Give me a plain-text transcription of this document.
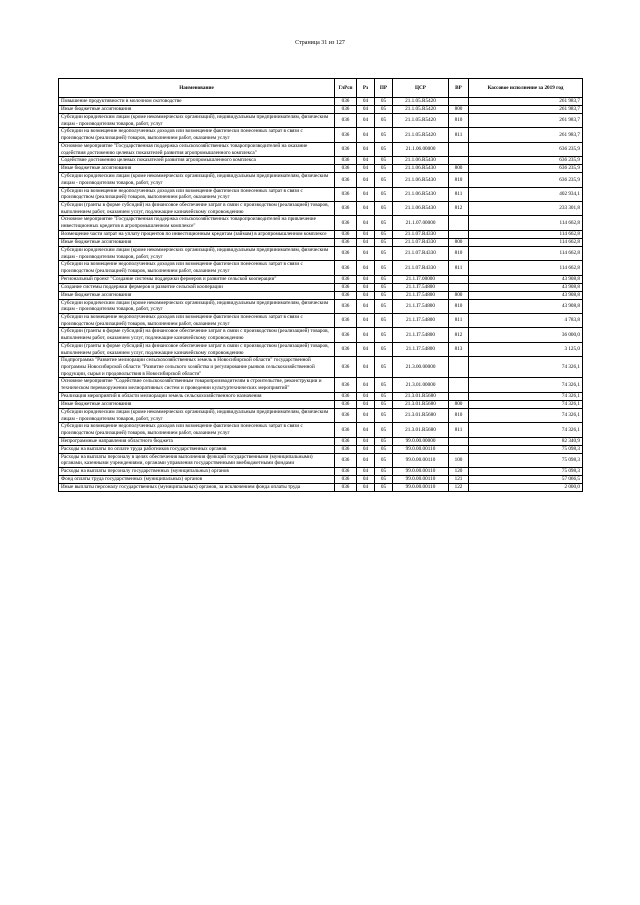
Страница 31 из 127
Наименование	ГлРсп	Рз	ПР	ЦСР	ВР	Кассовое исполнение за 2019 год
Повышение продуктивности в молочном скотоводстве	036	04	05	21.1.05.R5420		261 983,7
Иные бюджетные ассигнования	036	04	05	21.1.05.R5420	800	261 983,7
Субсидии юридическим лицам (кроме некоммерческих организаций), индивидуальным предпринимателям, физическим лицам - производителям товаров, работ, услуг	036	04	05	21.1.05.R5420	810	261 983,7
Субсидии на возмещение недополученных доходов или возмещение фактически понесенных затрат в связи с производством (реализацией) товаров, выполнением работ, оказанием услуг	036	04	05	21.1.05.R5420	811	261 983,7
Основное мероприятие "Государственная поддержка сельскохозяйственных товаропроизводителей на оказание содействия достижению целевых показателей развития агропромышленного комплекса"	036	04	05	21.1.06.00000		636 235,9
Содействие достижению целевых показателей развития агропромышленного комплекса	036	04	05	21.1.06.R5430		636 235,9
Иные бюджетные ассигнования	036	04	05	21.1.06.R5430	800	636 235,9
Субсидии юридическим лицам (кроме некоммерческих организаций), индивидуальным предпринимателям, физическим лицам - производителям товаров, работ, услуг	036	04	05	21.1.06.R5430	810	636 235,9
Субсидии на возмещение недополученных доходов или возмещение фактически понесенных затрат в связи с производством (реализацией) товаров, выполнением работ, оказанием услуг	036	04	05	21.1.06.R5430	811	402 934,1
Субсидии (гранты в форме субсидий) на финансовое обеспечение затрат в связи с производством (реализацией) товаров, выполнением работ, оказанием услуг, подлежащие казначейскому сопровождению	036	04	05	21.1.06.R5430	812	233 301,8
Основное мероприятие "Государственная поддержка сельскохозяйственных товаропроизводителей на привлечение инвестиционных кредитов в агропромышленном комплексе"	036	04	05	21.1.07.00000		114 662,8
Возмещение части затрат на уплату процентов по инвестиционным кредитам (займам) в агропромышленном комплексе	036	04	05	21.1.07.R4330		114 662,8
Иные бюджетные ассигнования	036	04	05	21.1.07.R4330	800	114 662,8
Субсидии юридическим лицам (кроме некоммерческих организаций), индивидуальным предпринимателям, физическим лицам - производителям товаров, работ, услуг	036	04	05	21.1.07.R4330	810	114 662,8
Субсидии на возмещение недополученных доходов или возмещение фактически понесенных затрат в связи с производством (реализацией) товаров, выполнением работ, оказанием услуг	036	04	05	21.1.07.R4330	811	114 662,8
Региональный проект "Создание системы поддержки фермеров и развитие сельской кооперации"	036	04	05	21.1.I7.00000		43 908,8
Создание системы поддержки фермеров и развитие сельской кооперации	036	04	05	21.1.I7.54800		43 908,8
Иные бюджетные ассигнования	036	04	05	21.1.I7.54800	800	43 908,8
Субсидии юридическим лицам (кроме некоммерческих организаций), индивидуальным предпринимателям, физическим лицам - производителям товаров, работ, услуг	036	04	05	21.1.I7.54800	810	43 908,8
Субсидии на возмещение недополученных доходов или возмещение фактически понесенных затрат в связи с производством (реализацией) товаров, выполнением работ, оказанием услуг	036	04	05	21.1.I7.54800	811	4 783,8
Субсидии (гранты в форме субсидий) на финансовое обеспечение затрат в связи с производством (реализацией) товаров, выполнением работ, оказанием услуг, подлежащие казначейскому сопровождению	036	04	05	21.1.I7.54800	812	36 000,0
Субсидии (гранты в форме субсидий) на финансовое обеспечение затрат в связи с производством (реализацией) товаров, выполнением работ, оказанием услуг, подлежащие казначейскому сопровождению	036	04	05	21.1.I7.54800	813	3 125,0
Подпрограмма "Развитие мелиорации сельскохозяйственных земель в Новосибирской области" государственной программы Новосибирской области "Развитие сельского хозяйства и регулирование рынков сельскохозяйственной продукции, сырья и продовольствия в Новосибирской области"	036	04	05	21.3.00.00000		74 326,1
Основное мероприятие "Содействие сельскохозяйственным товаропроизводителям в строительстве, реконструкции и техническом перевооружении мелиоративных систем и проведении культуртехнических мероприятий"	036	04	05	21.3.01.00000		74 326,1
Реализация мероприятий в области мелиорации земель сельскохозяйственного назначения	036	04	05	21.3.01.R5680		74 326,1
Иные бюджетные ассигнования	036	04	05	21.3.01.R5680	800	74 326,1
Субсидии юридическим лицам (кроме некоммерческих организаций), индивидуальным предпринимателям, физическим лицам - производителям товаров, работ, услуг	036	04	05	21.3.01.R5680	810	74 326,1
Субсидии на возмещение недополученных доходов или возмещение фактически понесенных затрат в связи с производством (реализацией) товаров, выполнением работ, оказанием услуг	036	04	05	21.3.01.R5680	811	74 326,1
Непрограммные направления областного бюджета	036	04	05	99.0.00.00000		82 340,9
Расходы на выплаты по оплате труда работников государственных органов	036	04	05	99.0.00.00110		75 098,3
Расходы на выплаты персоналу в целях обеспечения выполнения функций государственными (муниципальными) органами, казенными учреждениями, органами управления государственными внебюджетными фондами	036	04	05	99.0.00.00110	100	75 098,3
Расходы на выплаты персоналу государственных (муниципальных) органов	036	04	05	99.0.00.00110	120	75 098,3
Фонд оплаты труда государственных (муниципальных) органов	036	04	05	99.0.00.00110	121	57 066,5
Иные выплаты персоналу государственных (муниципальных) органов, за исключением фонда оплаты труда	036	04	05	99.0.00.00110	122	2 000,0
